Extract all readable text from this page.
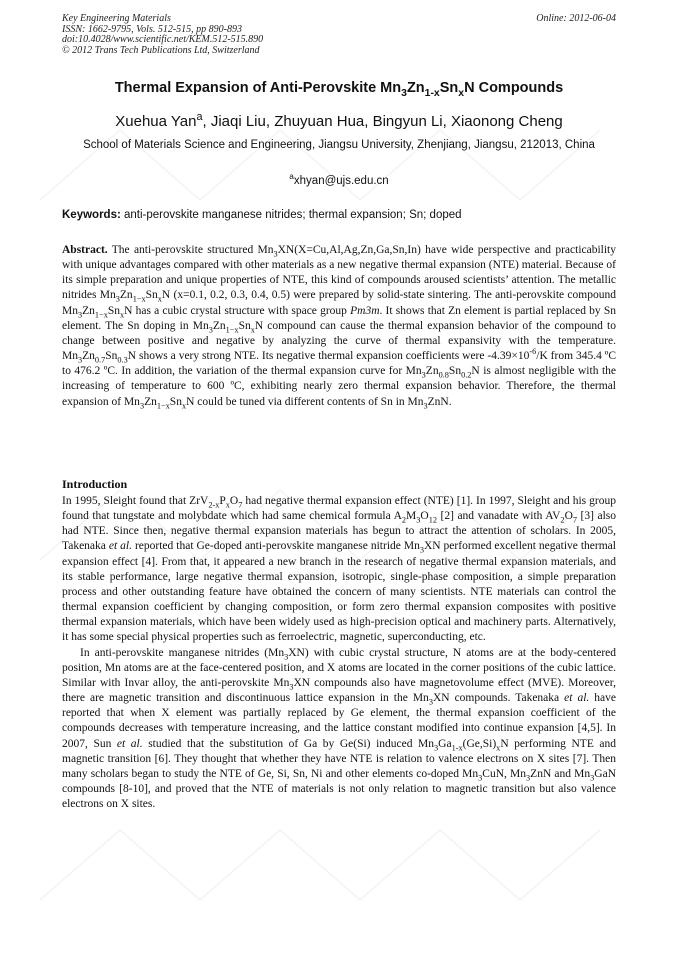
Key Engineering Materials
ISSN: 1662-9795, Vols. 512-515, pp 890-893
doi:10.4028/www.scientific.net/KEM.512-515.890
© 2012 Trans Tech Publications Ltd, Switzerland
Online: 2012-06-04
Thermal Expansion of Anti-Perovskite $Mn_3Zn_{1-x}Sn_xN$ Compounds
Xuehua Yan$^a$, Jiaqi Liu, Zhuyuan Hua, Bingyun Li, Xiaonong Cheng
School of Materials Science and Engineering, Jiangsu University, Zhenjiang, Jiangsu, 212013, China
$^a$xhyan@ujs.edu.cn
Keywords: anti-perovskite manganese nitrides; thermal expansion; Sn; doped

Abstract. The anti-perovskite structured $Mn_3XN(X=Cu,Al,Ag,Zn,Ga,Sn,In)$ have wide perspective and practicability with unique advantages compared with other materials as a new negative thermal expansion (NTE) material. Because of its simple preparation and unique properties of NTE, this kind of compounds aroused scientists’ attention. The metallic nitrides $Mn_3Zn_{1-x}Sn_xN$ (x=0.1, 0.2, 0.3, 0.4, 0.5) were prepared by solid-state sintering. The anti-perovskite compound $Mn_3Zn_{1-x}Sn_xN$ has a cubic crystal structure with space group Pm3m. It shows that Zn element is partial replaced by Sn element. The Sn doping in $Mn_3Zn_{1-x}Sn_xN$ compound can cause the thermal expansion behavior of the compound to change between positive and negative by analyzing the curve of thermal expansivity with the temperature. $Mn_3Zn_{0.7}Sn_{0.3}N$ shows a very strong NTE. Its negative thermal expansion coefficients were $-4.39\times 10^{-6}/K$ from 345.4 ºC to 476.2 ºC. In addition, the variation of the thermal expansion curve for $Mn_3Zn_{0.8}Sn_{0.2}N$ is almost negligible with the increasing of temperature to 600 ºC, exhibiting nearly zero thermal expansion behavior. Therefore, the thermal expansion of $Mn_3Zn_{1-x}Sn_xN$ could be tuned via different contents of Sn in $Mn_3ZnN$.

Introduction

In 1995, Sleight found that $ZrV_{2-x}P_xO_7$ had negative thermal expansion effect (NTE) [1]. In 1997, Sleight and his group found that tungstate and molybdate which had same chemical formula $A_2M_3O_{12}$ [2] and vanadate with $AV_2O_7$ [3] also had NTE. Since then, negative thermal expansion materials has begun to attract the attention of scholars. In 2005, Takenaka et al. reported that Ge-doped anti-perovskite manganese nitride $Mn_3XN$ performed excellent negative thermal expansion effect [4]. From that, it appeared a new branch in the research of negative thermal expansion materials, and its stable performance, large negative thermal expansion, isotropic, single-phase composition, a simple preparation process and other outstanding feature have obtained the concern of many scientists. NTE materials can control the thermal expansion coefficient by changing composition, or form zero thermal expansion composites with positive thermal expansion materials, which have been widely used as high-precision optical and machinery parts. Alternatively, it has some special physical properties such as ferroelectric, magnetic, superconducting, etc.

In anti-perovskite manganese nitrides $(Mn_3XN)$ with cubic crystal structure, N atoms are at the body-centered position, Mn atoms are at the face-centered position, and X atoms are located in the corner positions of the cubic lattice. Similar with Invar alloy, the anti-perovskite $Mn_3XN$ compounds also have magnetovolume effect (MVE). Moreover, there are magnetic transition and discontinuous lattice expansion in the $Mn_3XN$ compounds. Takenaka et al. have reported that when X element was partially replaced by Ge element, the thermal expansion coefficient of the compounds decreases with temperature increasing, and the lattice constant modified into continue expansion [4,5]. In 2007, Sun et al. studied that the substitution of Ga by Ge(Si) induced $Mn_3Ga_{1-x}(Ge,Si)_xN$ performing NTE and magnetic transition [6]. They thought that whether they have NTE is relation to valence electrons on X sites [7]. Then many scholars began to study the NTE of Ge, Si, Sn, Ni and other elements co-doped $Mn_3CuN$, $Mn_3ZnN$ and $Mn_3GaN$ compounds [8-10], and proved that the NTE of materials is not only relation to magnetic transition but also valence electrons on X sites.
